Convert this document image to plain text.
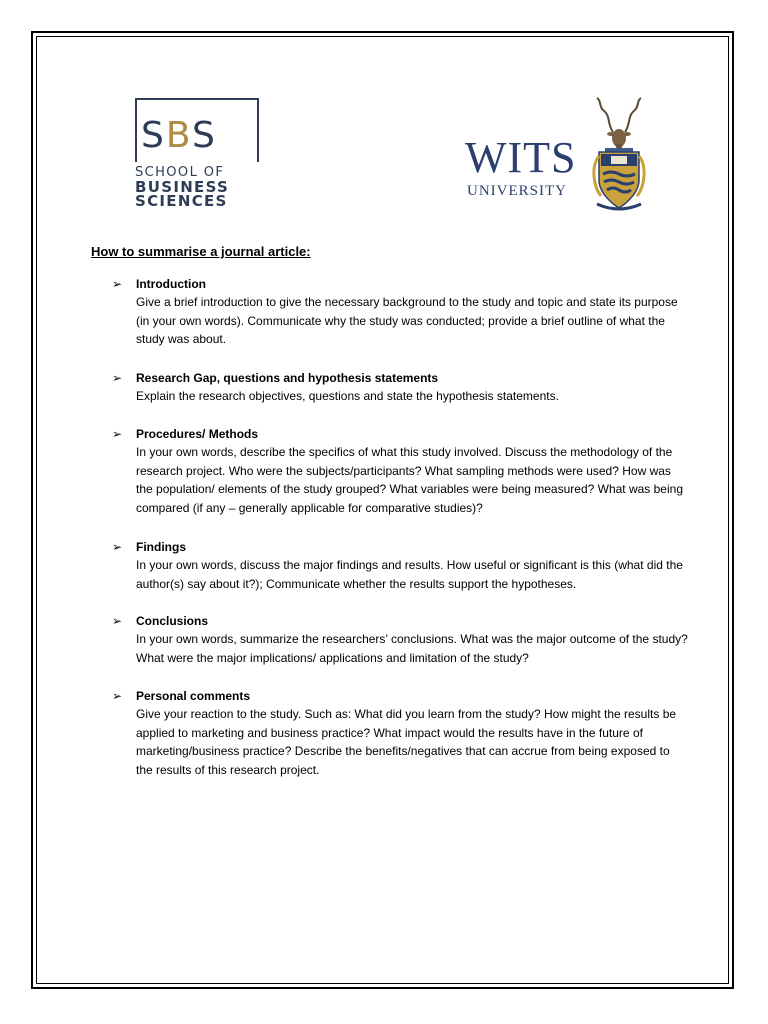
SBS
SCHOOL OF
BUSINESS
SCIENCES
WITS
UNIVERSITY
How to summarise a journal article:
➢ Introduction
Give a brief introduction to give the necessary background to the study and topic and state its purpose (in your own words). Communicate why the study was conducted; provide a brief outline of what the study was about.
➢ Research Gap, questions and hypothesis statements
Explain the research objectives, questions and state the hypothesis statements.
➢ Procedures/ Methods
In your own words, describe the specifics of what this study involved. Discuss the methodology of the research project. Who were the subjects/participants? What sampling methods were used? How was the population/ elements of the study grouped? What variables were being measured? What was being compared (if any – generally applicable for comparative studies)?
➢ Findings
In your own words, discuss the major findings and results. How useful or significant is this (what did the author(s) say about it?); Communicate whether the results support the hypotheses.
➢ Conclusions
In your own words, summarize the researchers’ conclusions. What was the major outcome of the study? What were the major implications/ applications and limitation of the study?
➢ Personal comments
Give your reaction to the study. Such as: What did you learn from the study? How might the results be applied to marketing and business practice? What impact would the results have in the future of marketing/business practice? Describe the benefits/negatives that can accrue from being exposed to the results of this research project.
